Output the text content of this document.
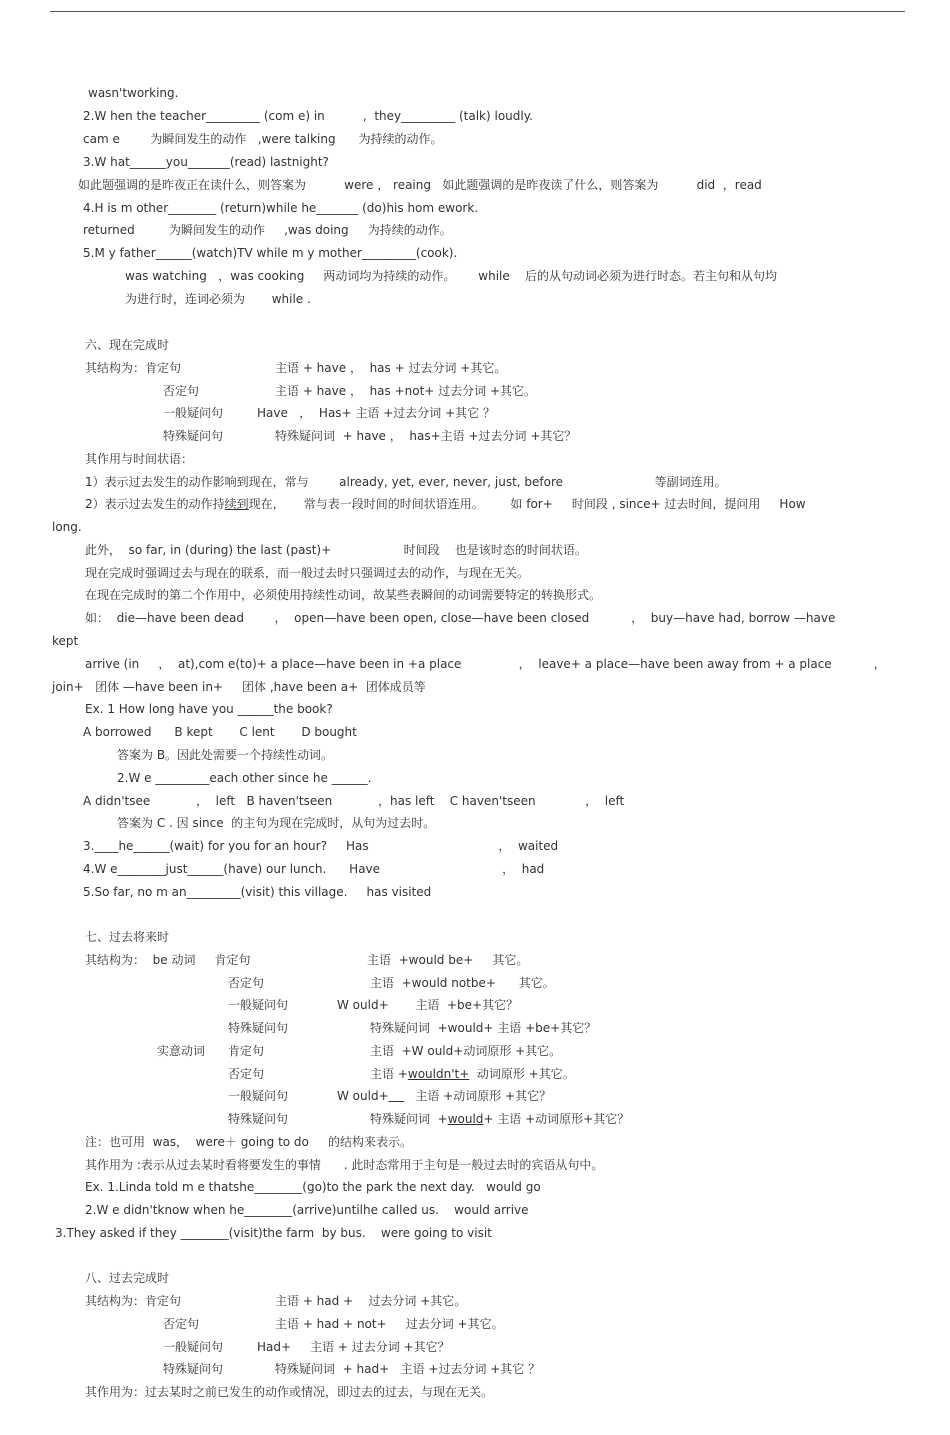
wasn'tworking.
2.W hen the teacher_________ (com e) in          ,  they_________ (talk) loudly.
cam e        为瞬间发生的动作   ,were talking      为持续的动作。
3.W hat______you_______(read) lastnight?
如此题强调的是昨夜正在读什么，则答案为          were ， reaing   如此题强调的是昨夜读了什么，则答案为          did  ，read
4.H is m other________ (return)while he_______ (do)his hom ework.
returned         为瞬间发生的动作     ,was doing     为持续的动作。
5.M y father______(watch)TV while m y mother_________(cook).
was watching   ，was cooking     两动词均为持续的动作。      while    后的从句动词必须为进行时态。若主句和从句均
为进行时，连词必须为       while .
六、现在完成时
其结构为：肯定句	主语 + have ，  has + 过去分词 +其它。
否定句	主语 + have ，  has +not+ 过去分词 +其它。
一般疑问句	Have   ，  Has+ 主语 +过去分词 +其它 ？
特殊疑问句	特殊疑问词  + have ，  has+主语 +过去分词 +其它？
其作用与时间状语：
1）表示过去发生的动作影响到现在，常与        already, yet, ever, never, just, before                        等副词连用。
2）表示过去发生的动作持续到现在，     常与表一段时间的时间状语连用。       如 for+     时间段 , since+ 过去时间，提问用     How
long.
此外，  so far, in (during) the last (past)+                   时间段    也是该时态的时间状语。
现在完成时强调过去与现在的联系，而一般过去时只强调过去的动作，与现在无关。
在现在完成时的第二个作用中，必须使用持续性动词，故某些表瞬间的动词需要特定的转换形式。
如：  die—have been dead        ，  open—have been open, close—have been closed           ，  buy—have had, borrow —have
kept
arrive (in     ，  at),com e(to)+ a place—have been in +a place               ，  leave+ a place—have been away from + a place           ，
join+   团体 —have been in+     团体 ,have been a+  团体成员等
Ex. 1 How long have you ______the book?
A borrowed      B kept       C lent       D bought
答案为 B。因此处需要一个持续性动词。
2.W e _________each other since he ______.
A didn'tsee            ，  left   B haven'tseen            ，has left    C haven'tseen             ，  left
答案为 C . 因 since  的主句为现在完成时，从句为过去时。
3.____he______(wait) for you for an hour?     Has                                  ，  waited
4.W e________just______(have) our lunch.      Have                                ，  had
5.So far, no m an_________(visit) this village.     has visited
七、过去将来时
其结构为：  be 动词     肯定句	主语  +would be+     其它。
否定句	主语  +would notbe+      其它。
一般疑问句	W ould+       主语  +be+其它？
特殊疑问句	特殊疑问词  +would+ 主语 +be+其它？
实意动词 肯定句	主语  +W ould+动词原形 +其它。
否定句	主语 +wouldn't+  动词原形 +其它。
一般疑问句	W ould+       主语 +动词原形 +其它？
特殊疑问句	特殊疑问词  +would+ 主语 +动词原形+其它？
注：也可用  was，  were＋ going to do     的结构来表示。
其作用为 :表示从过去某时看将要发生的事情      . 此时态常用于主句是一般过去时的宾语从句中。
Ex. 1.Linda told m e thatshe________(go)to the park the next day.   would go
2.W e didn'tknow when he________(arrive)untilhe called us.    would arrive
3.They asked if they ________(visit)the farm  by bus.    were going to visit
八、过去完成时
其结构为：肯定句	主语 + had +    过去分词 +其它。
否定句	主语 + had + not+     过去分词 +其它。
一般疑问句	Had+     主语 + 过去分词 +其它？
特殊疑问句	特殊疑问词  + had+   主语 +过去分词 +其它 ？
其作用为：过去某时之前已发生的动作或情况，即过去的过去，与现在无关。
